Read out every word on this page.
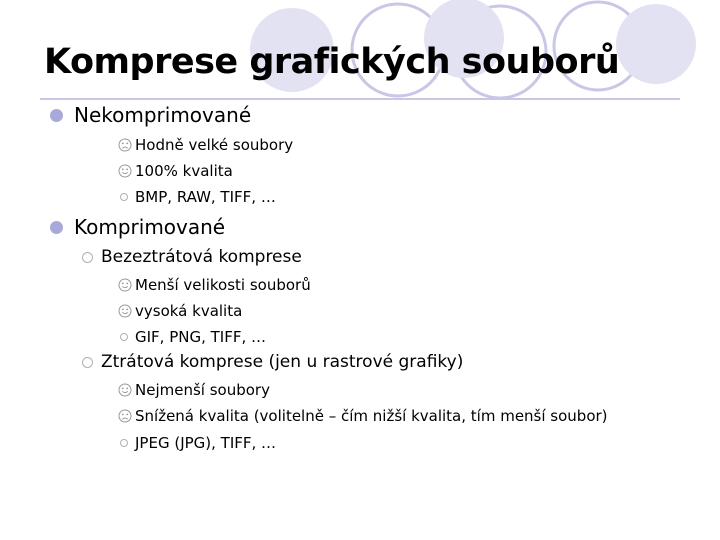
Komprese grafických souborů
Nekomprimované
Hodně velké soubory
100% kvalita
BMP, RAW, TIFF, …
Komprimované
Bezeztrátová komprese
Menší velikosti souborů
vysoká kvalita
GIF, PNG, TIFF, …
Ztrátová komprese (jen u rastrové grafiky)
Nejmenší soubory
Snížená kvalita (volitelně – čím nižší kvalita, tím menší soubor)
JPEG (JPG), TIFF, …
